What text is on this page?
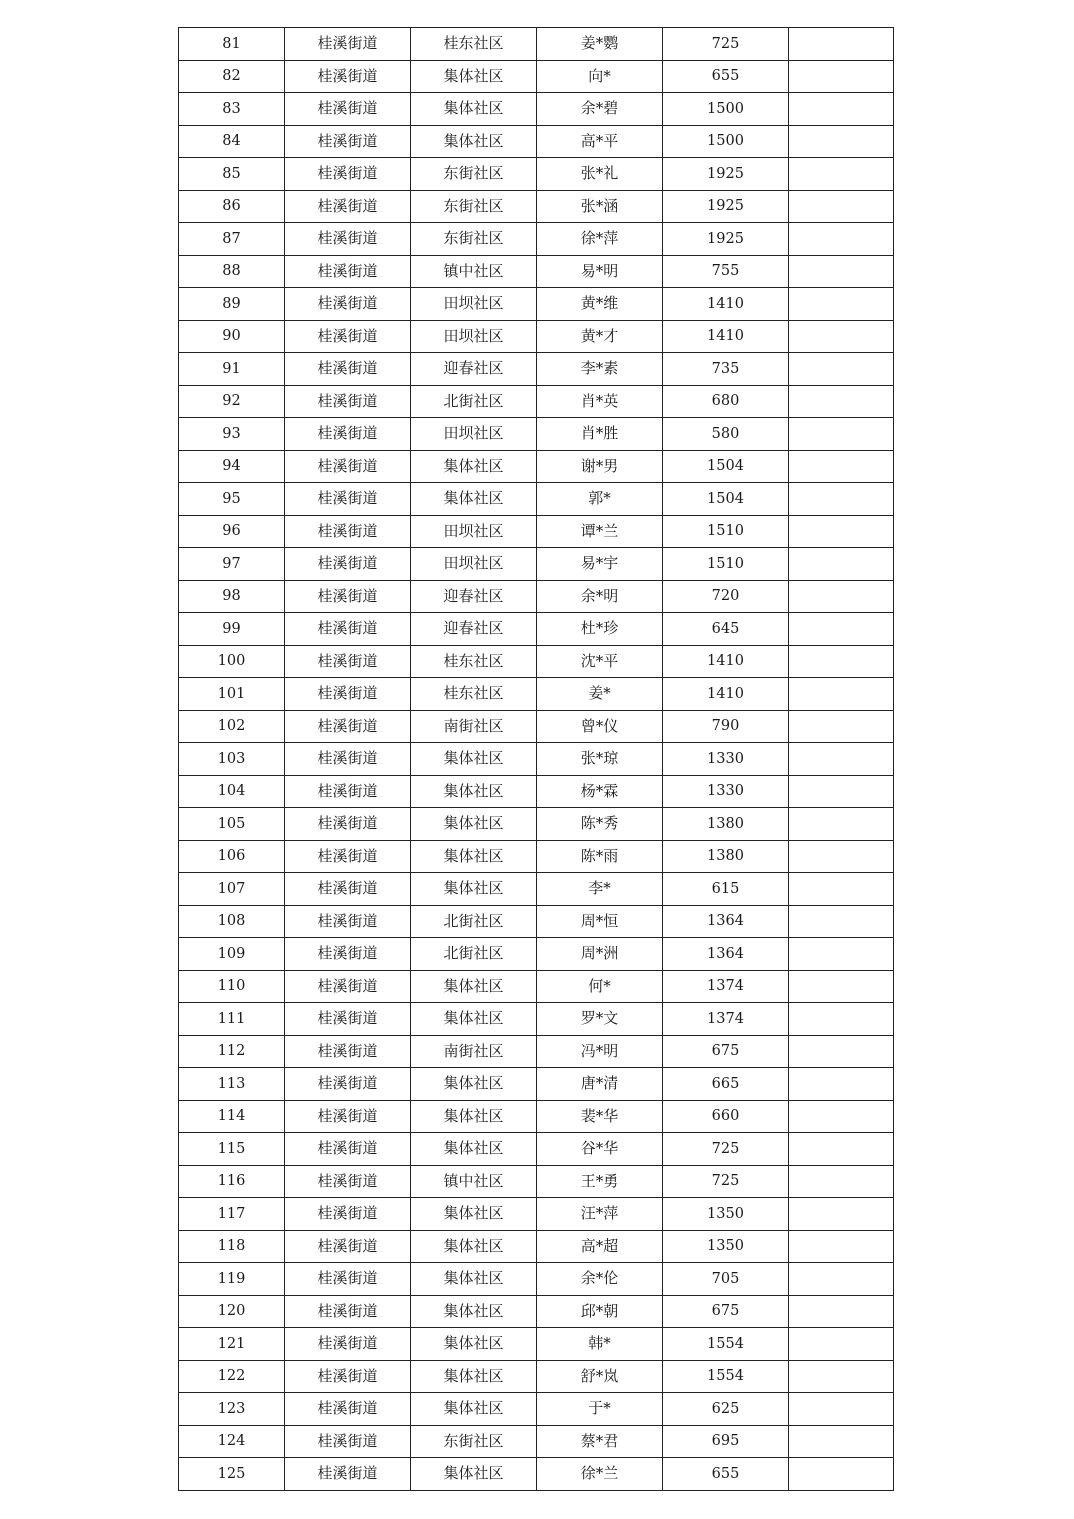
81	桂溪街道	桂东社区	姜*鹦	725	
82	桂溪街道	集体社区	向*	655	
83	桂溪街道	集体社区	余*碧	1500	
84	桂溪街道	集体社区	高*平	1500	
85	桂溪街道	东街社区	张*礼	1925	
86	桂溪街道	东街社区	张*涵	1925	
87	桂溪街道	东街社区	徐*萍	1925	
88	桂溪街道	镇中社区	易*明	755	
89	桂溪街道	田坝社区	黄*维	1410	
90	桂溪街道	田坝社区	黄*才	1410	
91	桂溪街道	迎春社区	李*素	735	
92	桂溪街道	北街社区	肖*英	680	
93	桂溪街道	田坝社区	肖*胜	580	
94	桂溪街道	集体社区	谢*男	1504	
95	桂溪街道	集体社区	郭*	1504	
96	桂溪街道	田坝社区	谭*兰	1510	
97	桂溪街道	田坝社区	易*宇	1510	
98	桂溪街道	迎春社区	余*明	720	
99	桂溪街道	迎春社区	杜*珍	645	
100	桂溪街道	桂东社区	沈*平	1410	
101	桂溪街道	桂东社区	姜*	1410	
102	桂溪街道	南街社区	曾*仪	790	
103	桂溪街道	集体社区	张*琼	1330	
104	桂溪街道	集体社区	杨*霖	1330	
105	桂溪街道	集体社区	陈*秀	1380	
106	桂溪街道	集体社区	陈*雨	1380	
107	桂溪街道	集体社区	李*	615	
108	桂溪街道	北街社区	周*恒	1364	
109	桂溪街道	北街社区	周*洲	1364	
110	桂溪街道	集体社区	何*	1374	
111	桂溪街道	集体社区	罗*文	1374	
112	桂溪街道	南街社区	冯*明	675	
113	桂溪街道	集体社区	唐*清	665	
114	桂溪街道	集体社区	裴*华	660	
115	桂溪街道	集体社区	谷*华	725	
116	桂溪街道	镇中社区	王*勇	725	
117	桂溪街道	集体社区	汪*萍	1350	
118	桂溪街道	集体社区	高*超	1350	
119	桂溪街道	集体社区	余*伦	705	
120	桂溪街道	集体社区	邱*朝	675	
121	桂溪街道	集体社区	韩*	1554	
122	桂溪街道	集体社区	舒*岚	1554	
123	桂溪街道	集体社区	于*	625	
124	桂溪街道	东街社区	蔡*君	695	
125	桂溪街道	集体社区	徐*兰	655	
